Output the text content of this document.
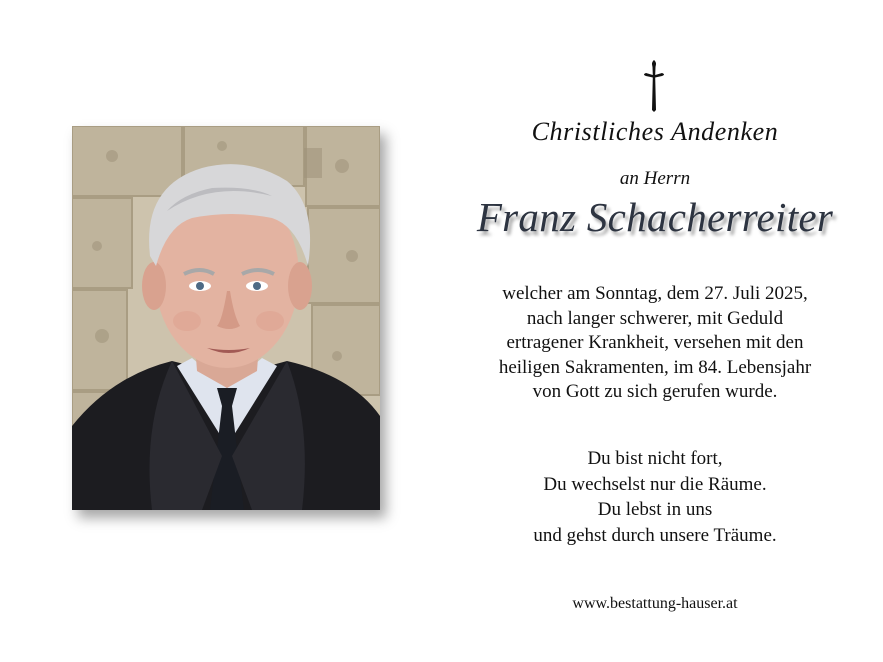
Christliches Andenken
an Herrn
Franz Schacherreiter
welcher am Sonntag, dem 27. Juli 2025,
nach langer schwerer, mit Geduld
ertragener Krankheit, versehen mit den
heiligen Sakramenten, im 84. Lebensjahr
von Gott zu sich gerufen wurde.
Du bist nicht fort,
Du wechselst nur die Räume.
Du lebst in uns
und gehst durch unsere Träume.
www.bestattung-hauser.at
